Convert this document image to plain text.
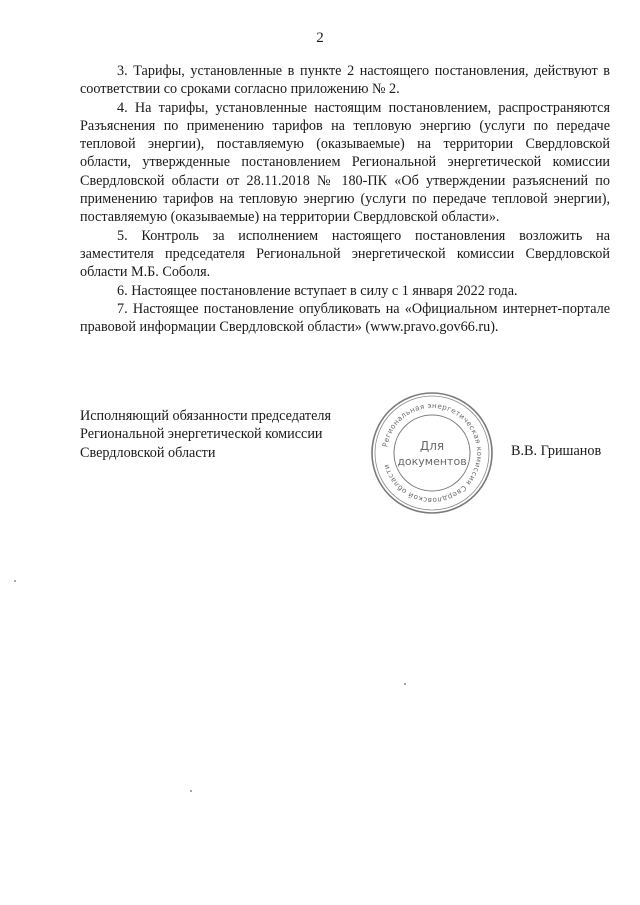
2

3. Тарифы, установленные в пункте 2 настоящего постановления, действуют в соответствии со сроками согласно приложению № 2.

4. На тарифы, установленные настоящим постановлением, распространяются Разъяснения по применению тарифов на тепловую энергию (услуги по передаче тепловой энергии), поставляемую (оказываемые) на территории Свердловской области, утвержденные постановлением Региональной энергетической комиссии Свердловской области от 28.11.2018 № 180-ПК «Об утверждении разъяснений по применению тарифов на тепловую энергию (услуги по передаче тепловой энергии), поставляемую (оказываемые) на территории Свердловской области».

5. Контроль за исполнением настоящего постановления возложить на заместителя председателя Региональной энергетической комиссии Свердловской области М.Б. Соболя.

6. Настоящее постановление вступает в силу с 1 января 2022 года.

7. Настоящее постановление опубликовать на «Официальном интернет-портале правовой информации Свердловской области» (www.pravo.gov66.ru).

Исполняющий обязанности председателя
Региональной энергетической комиссии
Свердловской области
Региональная энергетическая комиссия Свердловской области
Для
документов
В.В. Гришанов
